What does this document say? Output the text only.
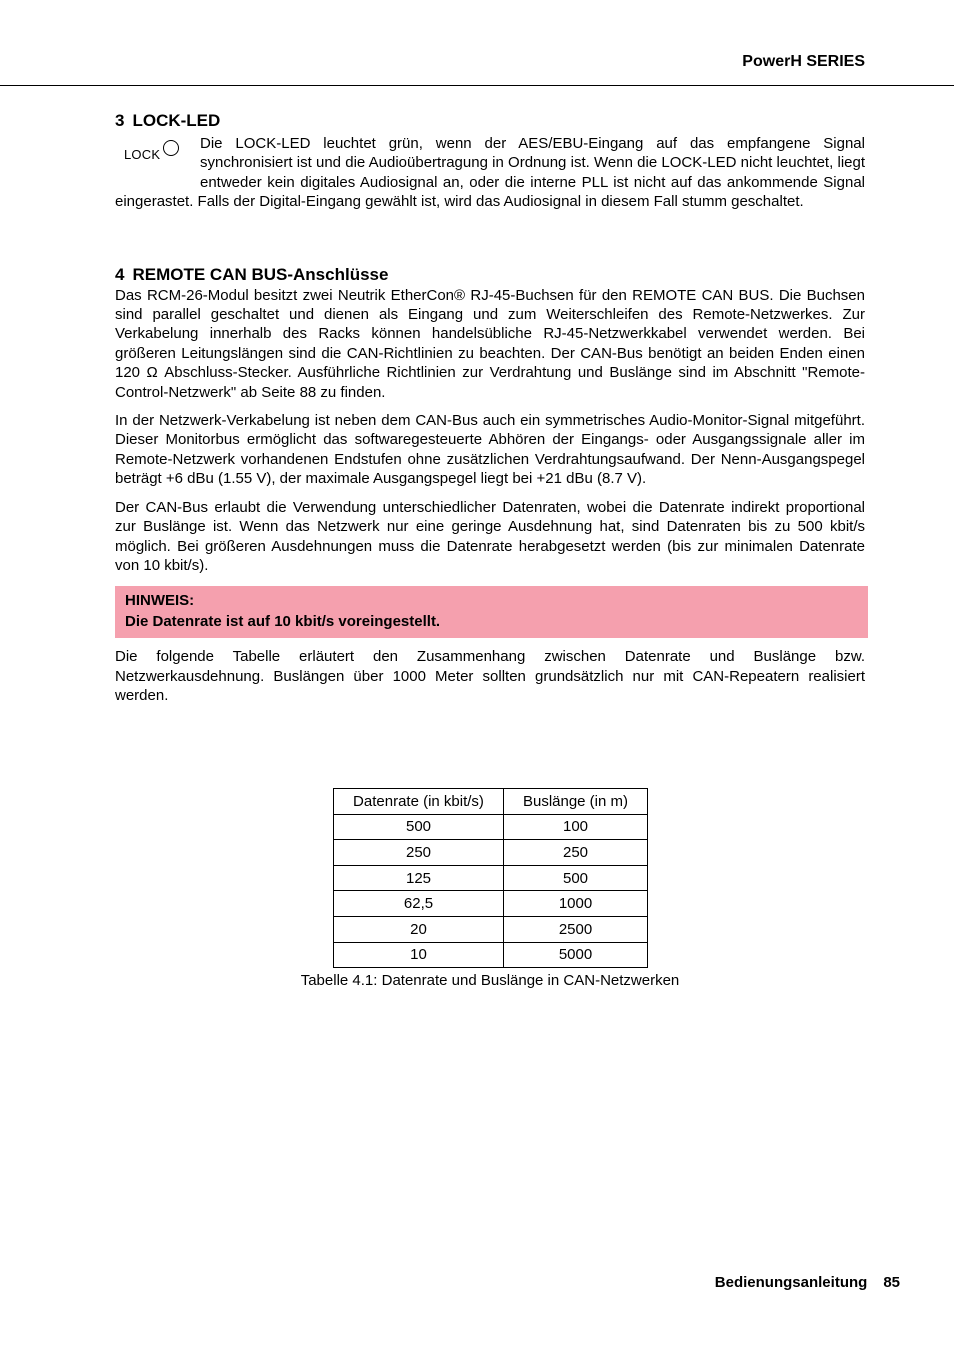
PowerH SERIES
3 LOCK-LED
LOCK

Die LOCK-LED leuchtet grün, wenn der AES/EBU-Eingang auf das empfangene Signal synchronisiert ist und die Audioübertragung in Ordnung ist. Wenn die LOCK-LED nicht leuchtet, liegt entweder kein digitales Audiosignal an, oder die interne PLL ist nicht auf das ankommende Signal eingerastet. Falls der Digital-Eingang gewählt ist, wird das Audiosignal in diesem Fall stumm geschaltet.

4 REMOTE CAN BUS-Anschlüsse

Das RCM-26-Modul besitzt zwei Neutrik EtherCon® RJ-45-Buchsen für den REMOTE CAN BUS. Die Buchsen sind parallel geschaltet und dienen als Eingang und zum Weiterschleifen des Remote-Netzwerkes. Zur Verkabelung innerhalb des Racks können handelsübliche RJ-45-Netzwerkkabel verwendet werden. Bei größeren Leitungslängen sind die CAN-Richtlinien zu beachten. Der CAN-Bus benötigt an beiden Enden einen 120 Ω Abschluss-Stecker. Ausführliche Richtlinien zur Verdrahtung und Buslänge sind im Abschnitt "Remote-Control-Netzwerk" ab Seite 88 zu finden.

In der Netzwerk-Verkabelung ist neben dem CAN-Bus auch ein symmetrisches Audio-Monitor-Signal mitgeführt. Dieser Monitorbus ermöglicht das softwaregesteuerte Abhören der Eingangs- oder Ausgangssignale aller im Remote-Netzwerk vorhandenen Endstufen ohne zusätzlichen Verdrahtungsaufwand. Der Nenn-Ausgangspegel beträgt +6 dBu (1.55 V), der maximale Ausgangspegel liegt bei +21 dBu (8.7 V).

Der CAN-Bus erlaubt die Verwendung unterschiedlicher Datenraten, wobei die Datenrate indirekt proportional zur Buslänge ist. Wenn das Netzwerk nur eine geringe Ausdehnung hat, sind Datenraten bis zu 500 kbit/s möglich. Bei größeren Ausdehnungen muss die Datenrate herabgesetzt werden (bis zur minimalen Datenrate von 10 kbit/s).

HINWEIS:
Die Datenrate ist auf 10 kbit/s voreingestellt.

Die folgende Tabelle erläutert den Zusammenhang zwischen Datenrate und Buslänge bzw. Netzwerkausdehnung. Buslängen über 1000 Meter sollten grundsätzlich nur mit CAN-Repeatern realisiert werden.

Datenrate (in kbit/s)	Buslänge (in m)
500	100
250	250
125	500
62,5	1000
20	2500
10	5000
Tabelle 4.1: Datenrate und Buslänge in CAN-Netzwerken
Bedienungsanleitung 85
